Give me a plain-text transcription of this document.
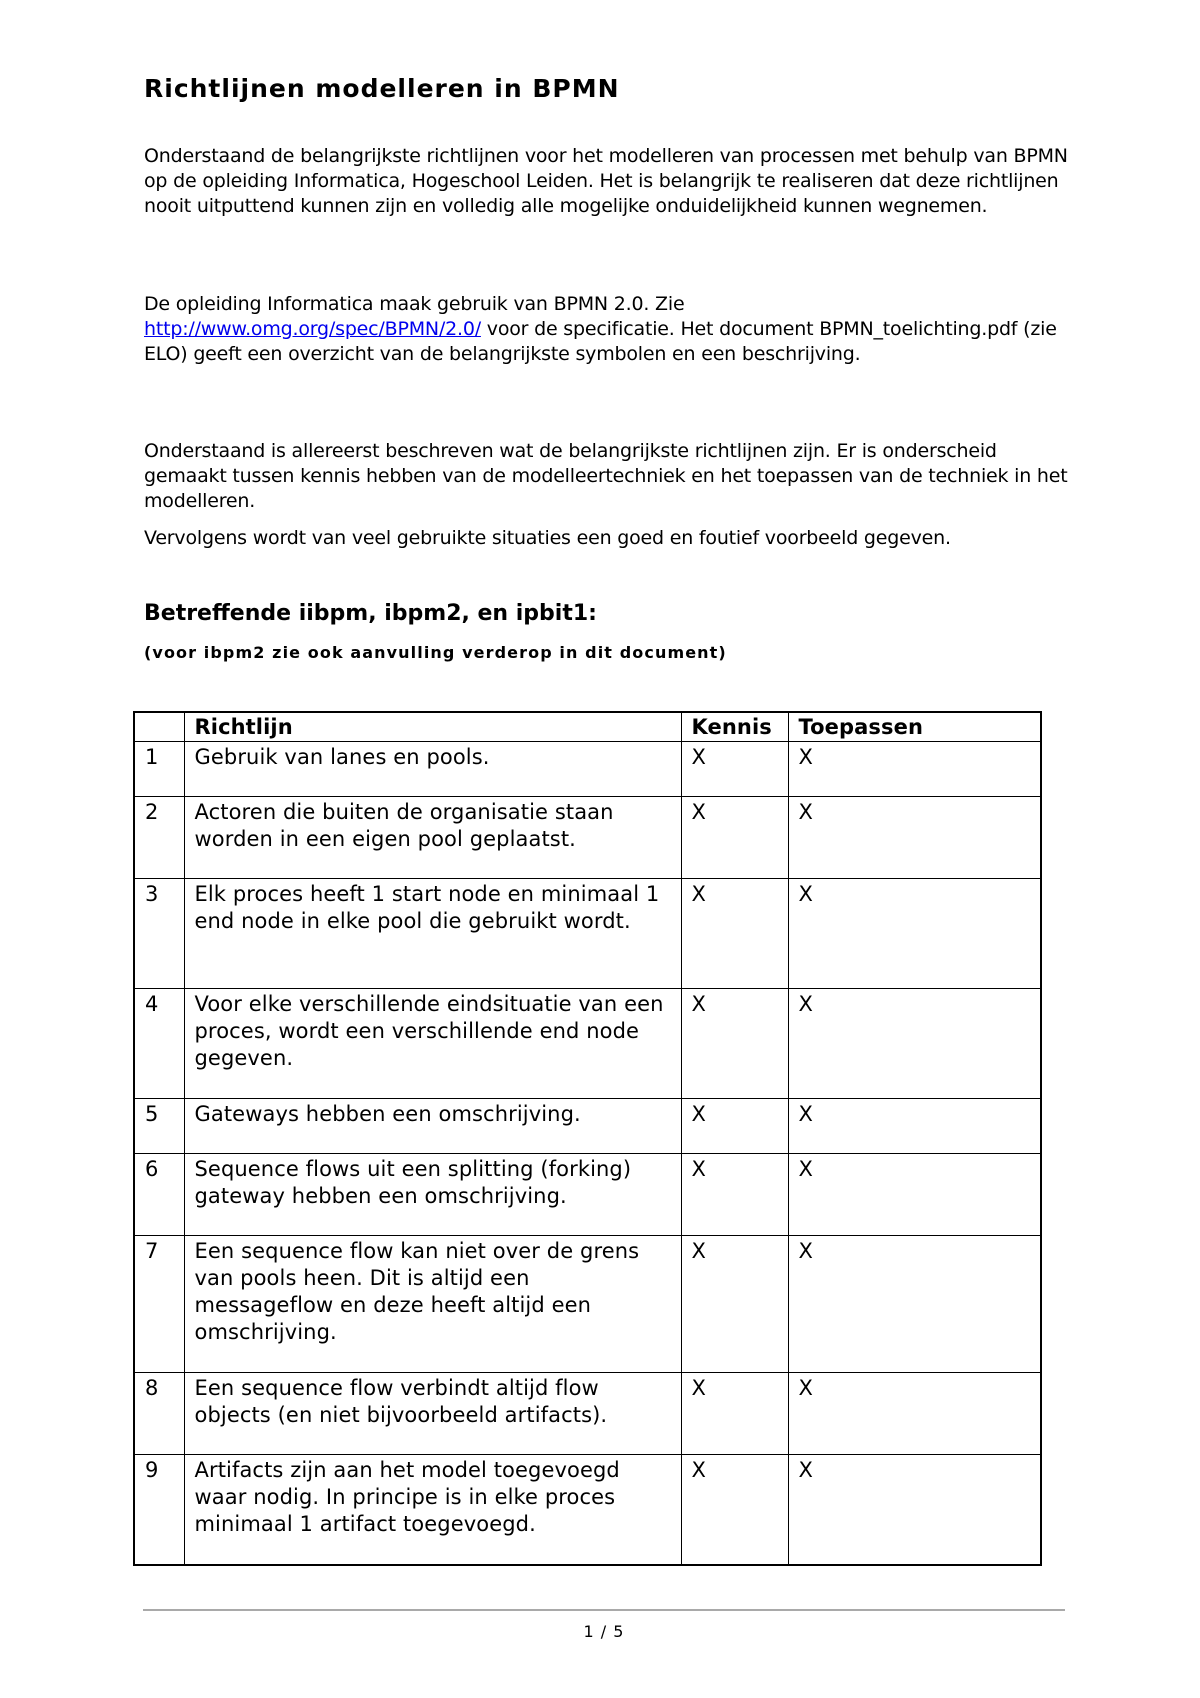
Richtlijnen modelleren in BPMN

Onderstaand de belangrijkste richtlijnen voor het modelleren van processen met behulp van BPMN op de opleiding Informatica, Hogeschool Leiden. Het is belangrijk te realiseren dat deze richtlijnen nooit uitputtend kunnen zijn en volledig alle mogelijke onduidelijkheid kunnen wegnemen.

De opleiding Informatica maak gebruik van BPMN 2.0. Zie
http://www.omg.org/spec/BPMN/2.0/ voor de specificatie. Het document BPMN_toelichting.pdf (zie ELO) geeft een overzicht van de belangrijkste symbolen en een beschrijving.

Onderstaand is allereerst beschreven wat de belangrijkste richtlijnen zijn. Er is onderscheid gemaakt tussen kennis hebben van de modelleertechniek en het toepassen van de techniek in het modelleren.

Vervolgens wordt van veel gebruikte situaties een goed en foutief voorbeeld gegeven.

Betreffende iibpm, ibpm2, en ipbit1:

(voor ibpm2 zie ook aanvulling verderop in dit document)

	Richtlijn	Kennis	Toepassen
1	Gebruik van lanes en pools.	X	X
2	Actoren die buiten de organisatie staan worden in een eigen pool geplaatst.	X	X
3	Elk proces heeft 1 start node en minimaal 1 end node in elke pool die gebruikt wordt.	X	X
4	Voor elke verschillende eindsituatie van een proces, wordt een verschillende end node gegeven.	X	X
5	Gateways hebben een omschrijving.	X	X
6	Sequence flows uit een splitting (forking) gateway hebben een omschrijving.	X	X
7	Een sequence flow kan niet over de grens van pools heen. Dit is altijd een messageflow en deze heeft altijd een omschrijving.	X	X
8	Een sequence flow verbindt altijd flow objects (en niet bijvoorbeeld artifacts).	X	X
9	Artifacts zijn aan het model toegevoegd waar nodig. In principe is in elke proces minimaal 1 artifact toegevoegd.	X	X
1 / 5
